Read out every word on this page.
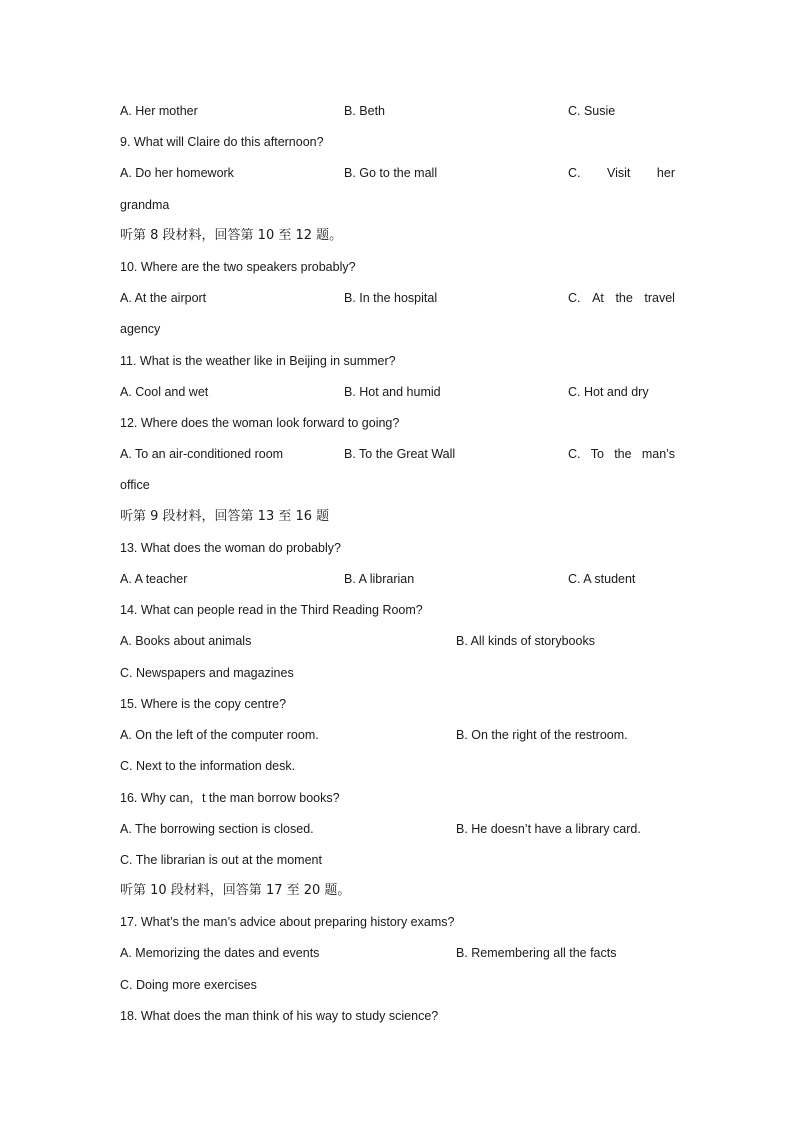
A. Her mother	B. Beth	C. Susie
9. What will Claire do this afternoon?
A. Do her homework	B. Go to the mall	C. Visit her
grandma
听第 8 段材料，回答第 10 至 12 题。
10. Where are the two speakers probably?
A. At the airport	B. In the hospital	C. At the travel
agency
11. What is the weather like in Beijing in summer?
A. Cool and wet	B. Hot and humid	C. Hot and dry
12. Where does the woman look forward to going?
A. To an air-conditioned room	B. To the Great Wall	C. To the man’s
office
听第 9 段材料，回答第 13 至 16 题
13. What does the woman do probably?
A. A teacher	B. A librarian	C. A student
14. What can people read in the Third Reading Room?
A. Books about animals	B. All kinds of storybooks
C. Newspapers and magazines
15. Where is the copy centre?
A. On the left of the computer room.	B. On the right of the restroom.
C. Next to the information desk.
16. Why can，t the man borrow books?
A. The borrowing section is closed.	B. He doesn’t have a library card.
C. The librarian is out at the moment
听第 10 段材料，回答第 17 至 20 题。
17. What’s the man’s advice about preparing history exams?
A. Memorizing the dates and events	B. Remembering all the facts
C. Doing more exercises
18. What does the man think of his way to study science?
